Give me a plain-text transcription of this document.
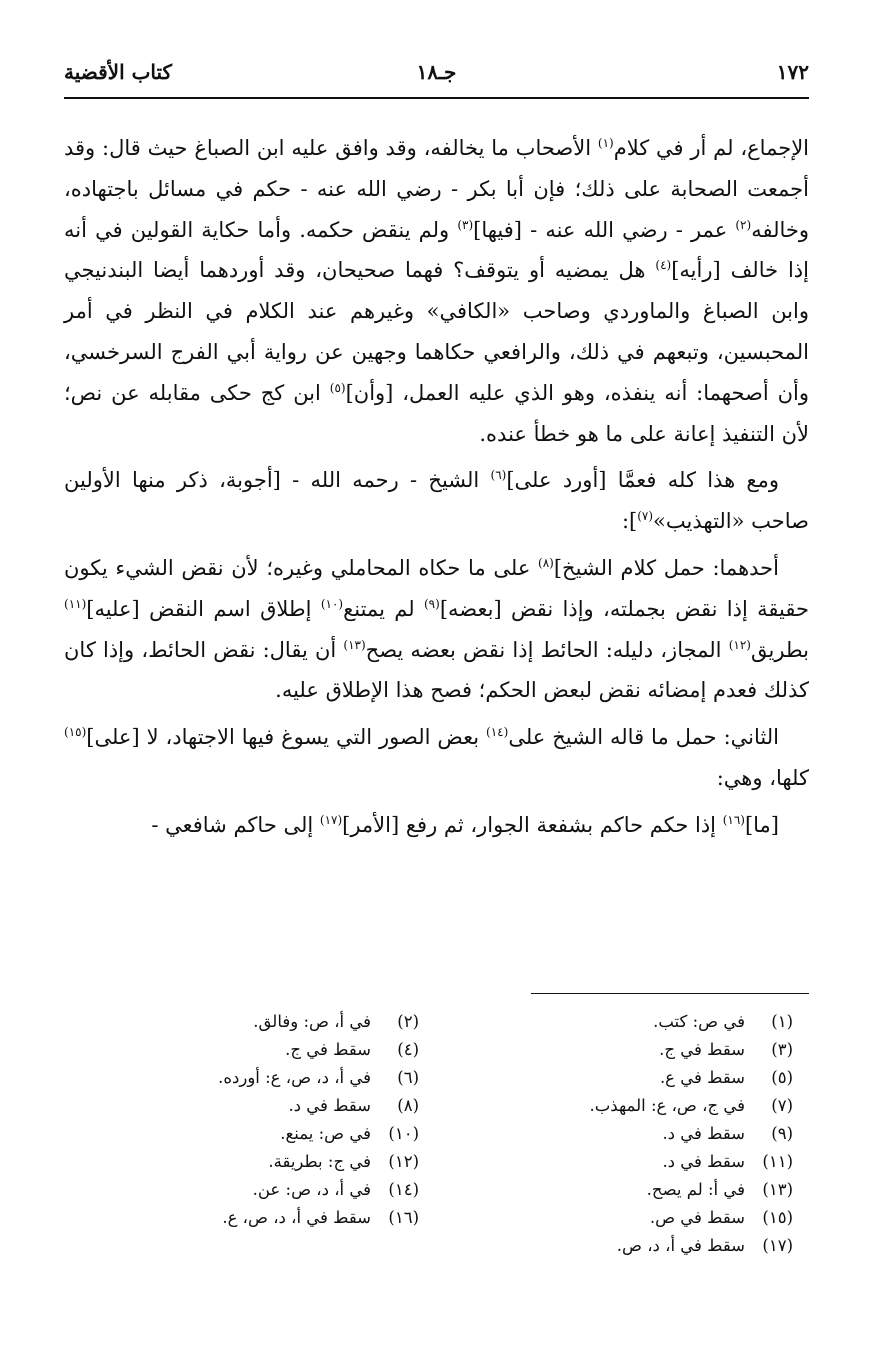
١٧٢
جـ١٨
كتاب الأقضية

الإجماع، لم أر في كلام$^{(١)}$ الأصحاب ما يخالفه، وقد وافق عليه ابن الصباغ حيث قال: وقد أجمعت الصحابة على ذلك؛ فإن أبا بكر - رضي الله عنه - حكم في مسائل باجتهاده، وخالفه$^{(٢)}$ عمر - رضي الله عنه - [فيها]$^{(٣)}$ ولم ينقض حكمه. وأما حكاية القولين في أنه إذا خالف [رأيه]$^{(٤)}$ هل يمضيه أو يتوقف؟ فهما صحيحان، وقد أوردهما أيضا البندنيجي وابن الصباغ والماوردي وصاحب «الكافي» وغيرهم عند الكلام في النظر في أمر المحبسين، وتبعهم في ذلك، والرافعي حكاهما وجهين عن رواية أبي الفرج السرخسي، وأن أصحهما: أنه ينفذه، وهو الذي عليه العمل، [وأن]$^{(٥)}$ ابن كج حكى مقابله عن نص؛ لأن التنفيذ إعانة على ما هو خطأ عنده.

ومع هذا كله فعمَّا [أورد على]$^{(٦)}$ الشيخ - رحمه الله - [أجوبة، ذكر منها الأولين صاحب «التهذيب»$^{(٧)}$]:

أحدهما: حمل كلام الشيخ]$^{(٨)}$ على ما حكاه المحاملي وغيره؛ لأن نقض الشيء يكون حقيقة إذا نقض بجملته، وإذا نقض [بعضه]$^{(٩)}$ لم يمتنع$^{(١٠)}$ إطلاق اسم النقض [عليه]$^{(١١)}$ بطريق$^{(١٢)}$ المجاز، دليله: الحائط إذا نقض بعضه يصح$^{(١٣)}$ أن يقال: نقض الحائط، وإذا كان كذلك فعدم إمضائه نقض لبعض الحكم؛ فصح هذا الإطلاق عليه.

الثاني: حمل ما قاله الشيخ على$^{(١٤)}$ بعض الصور التي يسوغ فيها الاجتهاد، لا [على]$^{(١٥)}$ كلها، وهي:

[ما]$^{(١٦)}$ إذا حكم حاكم بشفعة الجوار، ثم رفع [الأمر]$^{(١٧)}$ إلى حاكم شافعي -

(١)
في ص: كتب.
(٣)
سقط في ج.
(٥)
سقط في ع.
(٧)
في ج، ص، ع: المهذب.
(٩)
سقط في د.
(١١)
سقط في د.
(١٣)
في أ: لم يصح.
(١٥)
سقط في ص.
(١٧)
سقط في أ، د، ص.
(٢)
في أ، ص: وفالق.
(٤)
سقط في ج.
(٦)
في أ، د، ص، ع: أورده.
(٨)
سقط في د.
(١٠)
في ص: يمنع.
(١٢)
في ج: بطريقة.
(١٤)
في أ، د، ص: عن.
(١٦)
سقط في أ، د، ص، ع.
